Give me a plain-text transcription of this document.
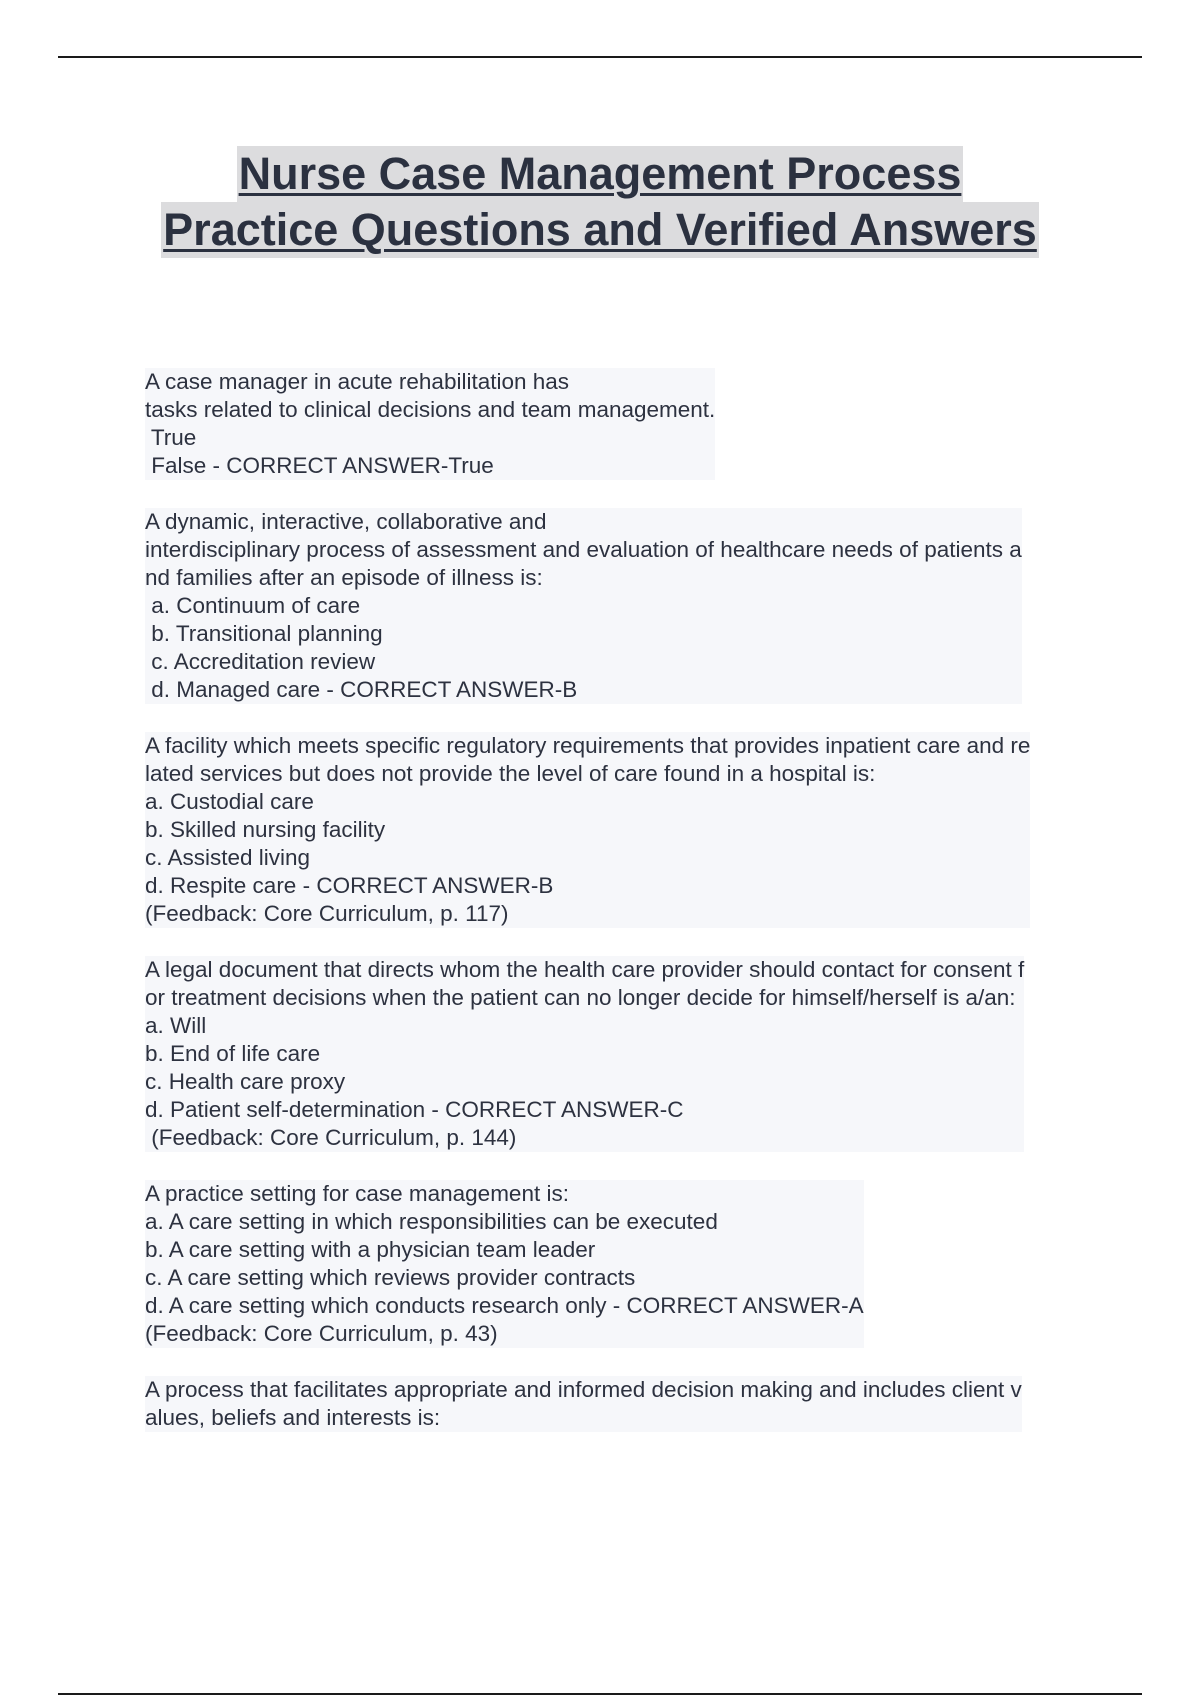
Nurse Case Management Process
Practice Questions and Verified Answers
A case manager in acute rehabilitation has
tasks related to clinical decisions and team management.
True
False - CORRECT ANSWER-True

A dynamic, interactive, collaborative and
interdisciplinary process of assessment and evaluation of healthcare needs of patients a
nd families after an episode of illness is:
a. Continuum of care
b. Transitional planning
c. Accreditation review
d. Managed care - CORRECT ANSWER-B

A facility which meets specific regulatory requirements that provides inpatient care and re
lated services but does not provide the level of care found in a hospital is:
a. Custodial care
b. Skilled nursing facility
c. Assisted living
d. Respite care - CORRECT ANSWER-B
(Feedback: Core Curriculum, p. 117)

A legal document that directs whom the health care provider should contact for consent f
or treatment decisions when the patient can no longer decide for himself/herself is a/an:
a. Will
b. End of life care
c. Health care proxy
d. Patient self-determination - CORRECT ANSWER-C
(Feedback: Core Curriculum, p. 144)

A practice setting for case management is:
a. A care setting in which responsibilities can be executed
b. A care setting with a physician team leader
c. A care setting which reviews provider contracts
d. A care setting which conducts research only - CORRECT ANSWER-A
(Feedback: Core Curriculum, p. 43)

A process that facilitates appropriate and informed decision making and includes client v
alues, beliefs and interests is:
